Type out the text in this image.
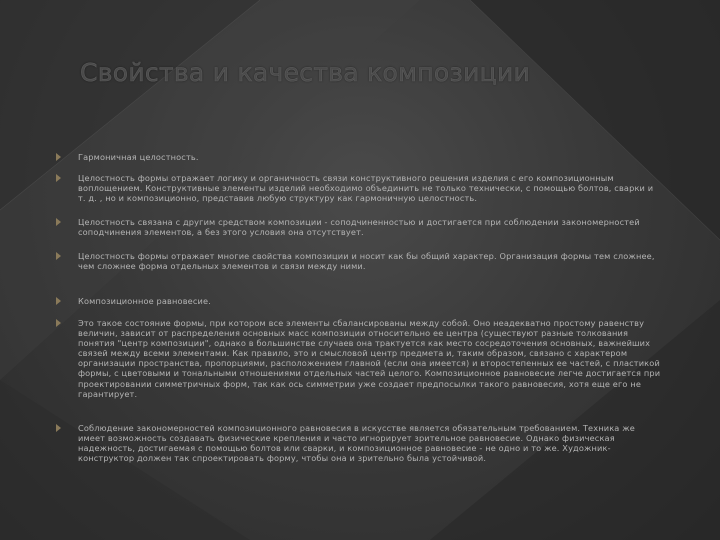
Свойства и качества композиции

Гармоничная целостность.

Целостность формы отражает логику и органичность связи конструктивного решения изделия с его композиционным воплощением. Конструктивные элементы изделий необходимо объединить не только технически, с помощью болтов, сварки и т. д. , но и композиционно, представив любую структуру как гармоничную целостность.

Целостность связана с другим средством композиции - соподчиненностью и достигается при соблюдении закономерностей соподчинения элементов, а без этого условия она отсутствует.

Целостность формы отражает многие свойства композиции и носит как бы общий характер. Организация формы тем сложнее, чем сложнее форма отдельных элементов и связи между ними.

Композиционное равновесие.

Это такое состояние формы, при котором все элементы сбалансированы между собой. Оно неадекватно простому равенству величин, зависит от распределения основных масс композиции относительно ее центра (существуют разные толкования понятия "центр композиции", однако в большинстве случаев она трактуется как место сосредоточения основных, важнейших связей между всеми элементами. Как правило, это и смысловой центр предмета и, таким образом, связано с характером организации пространства, пропорциями, расположением главной (если она имеется) и второстепенных ее частей, с пластикой формы, с цветовыми и тональными отношениями отдельных частей целого. Композиционное равновесие легче достигается при проектировании симметричных форм, так как ось симметрии уже создает предпосылки такого равновесия, хотя еще его не гарантирует.

Соблюдение закономерностей композиционного равновесия в искусстве является обязательным требованием. Техника же имеет возможность создавать физические крепления и часто игнорирует зрительное равновесие. Однако физическая надежность, достигаемая с помощью болтов или сварки, и композиционное равновесие - не одно и то же. Художник-конструктор должен так спроектировать форму, чтобы она и зрительно была устойчивой.
